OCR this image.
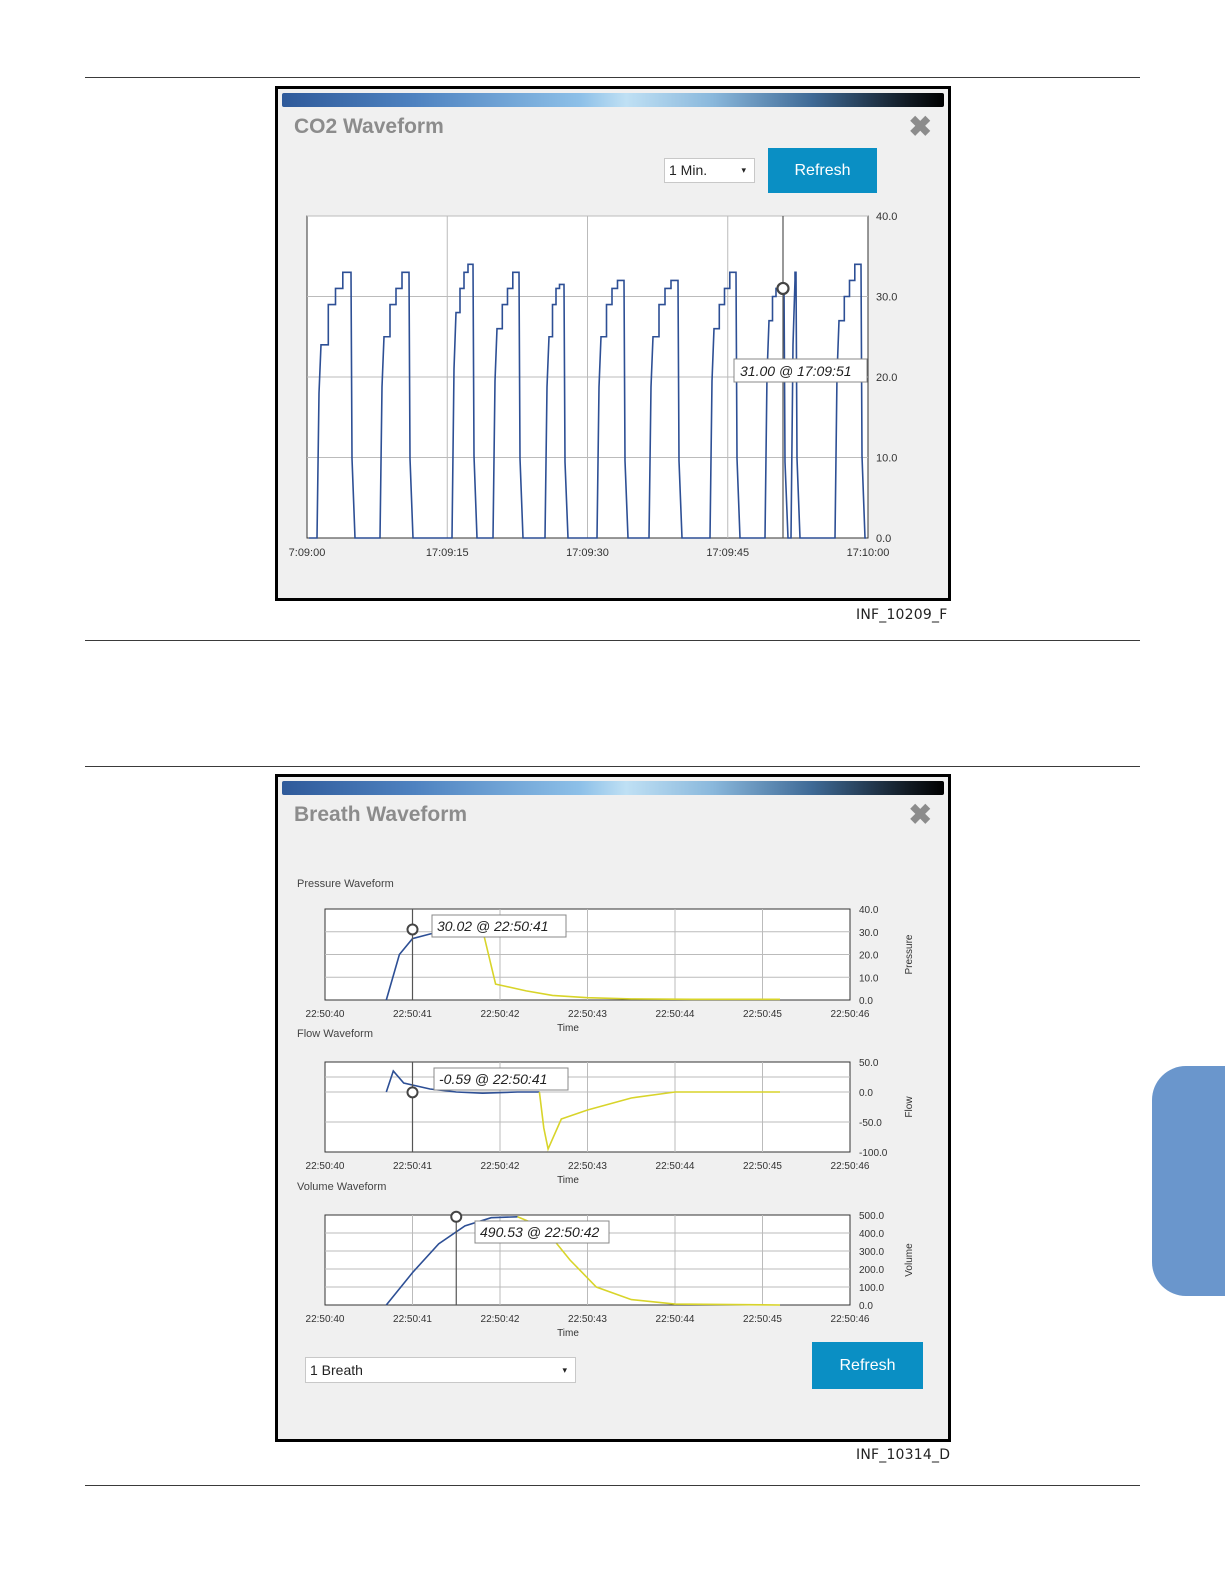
CO2 Waveform	✖
1 Min.	▾	Refresh
40.0
30.0
20.0
10.0
0.0
7:09:00	17:09:15	17:09:30	17:09:45	17:10:00
31.00 @ 17:09:51
INF_10209_F
Breath Waveform	✖
Pressure Waveform
40.0
30.0
20.0
10.0
0.0
Pressure
22:50:40	22:50:41	22:50:42	22:50:43	22:50:44	22:50:45	22:50:46
Time
30.02 @ 22:50:41
Flow Waveform
50.0
0.0
-50.0
-100.0
Flow
22:50:40	22:50:41	22:50:42	22:50:43	22:50:44	22:50:45	22:50:46
Time
-0.59 @ 22:50:41
Volume Waveform
500.0
400.0
300.0
200.0
100.0
0.0
Volume
22:50:40	22:50:41	22:50:42	22:50:43	22:50:44	22:50:45	22:50:46
Time
490.53 @ 22:50:42
1 Breath	▾	Refresh
INF_10314_D
